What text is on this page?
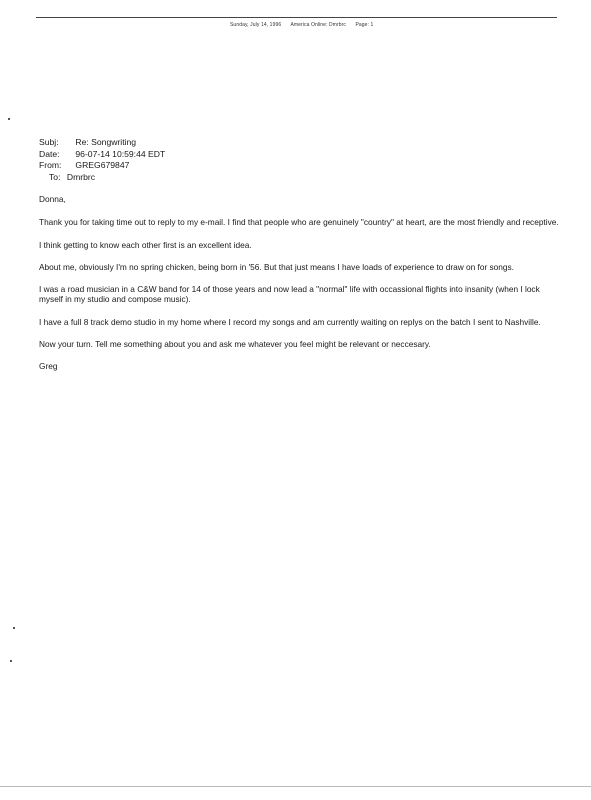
Sunday, July 14, 1996 America Online: Dmrbrc Page: 1
Subj: Re: Songwriting
Date: 96-07-14 10:59:44 EDT
From: GREG679847
To: Dmrbrc

Donna,

Thank you for taking time out to reply to my e-mail. I find that people who are genuinely "country" at heart, are the most friendly and receptive.

I think getting to know each other first is an excellent idea.

About me, obviously I'm no spring chicken, being born in '56. But that just means I have loads of experience to draw on for songs.

I was a road musician in a C&W band for 14 of those years and now lead a "normal" life with occassional flights into insanity (when I lock myself in my studio and compose music).

I have a full 8 track demo studio in my home where I record my songs and am currently waiting on replys on the batch I sent to Nashville.

Now your turn. Tell me something about you and ask me whatever you feel might be relevant or neccesary.

Greg
